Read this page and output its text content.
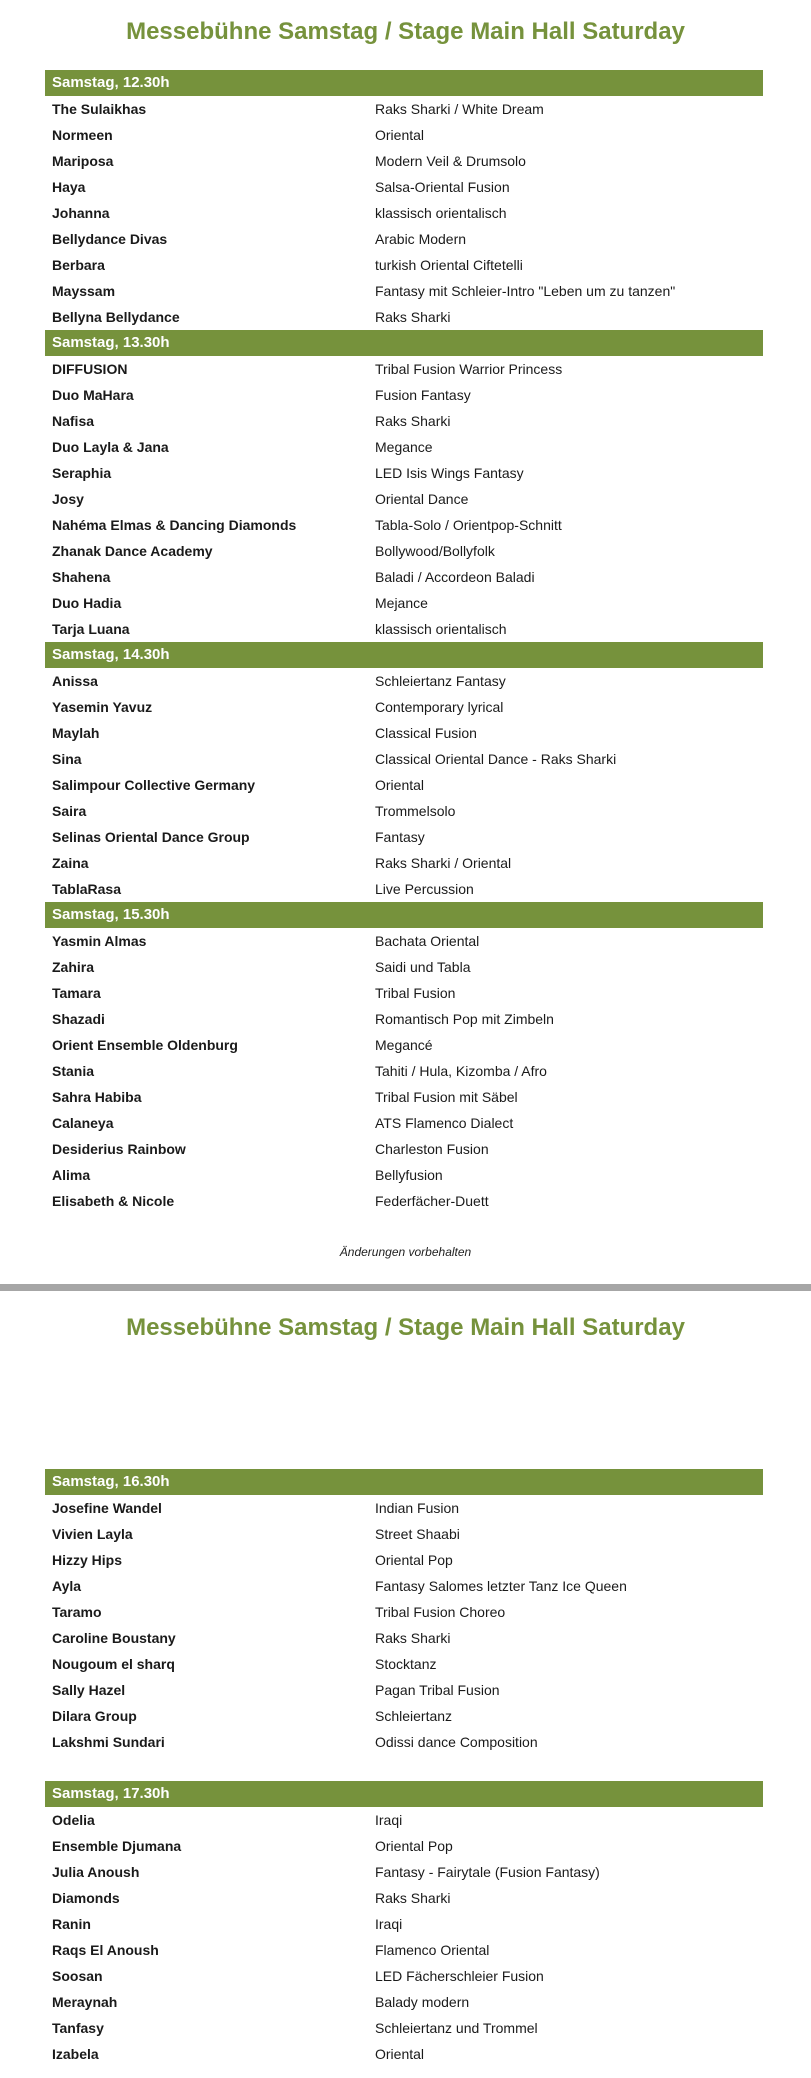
Messebühne Samstag / Stage Main Hall Saturday
Samstag, 12.30h
The Sulaikhas	Raks Sharki / White Dream
Normeen	Oriental
Mariposa	Modern Veil & Drumsolo
Haya	Salsa-Oriental Fusion
Johanna	klassisch orientalisch
Bellydance Divas	Arabic Modern
Berbara	turkish Oriental Ciftetelli
Mayssam	Fantasy mit Schleier-Intro "Leben um zu tanzen"
Bellyna Bellydance	Raks Sharki
Samstag, 13.30h
DIFFUSION	Tribal Fusion Warrior Princess
Duo MaHara	Fusion Fantasy
Nafisa	Raks Sharki
Duo Layla & Jana	Megance
Seraphia	LED Isis Wings Fantasy
Josy	Oriental Dance
Nahéma Elmas & Dancing Diamonds	Tabla-Solo / Orientpop-Schnitt
Zhanak Dance Academy	Bollywood/Bollyfolk
Shahena	Baladi / Accordeon Baladi
Duo Hadia	Mejance
Tarja Luana	klassisch orientalisch
Samstag, 14.30h
Anissa	Schleiertanz Fantasy
Yasemin Yavuz	Contemporary lyrical
Maylah	Classical Fusion
Sina	Classical Oriental Dance - Raks Sharki
Salimpour Collective Germany	Oriental
Saira	Trommelsolo
Selinas Oriental Dance Group	Fantasy
Zaina	Raks Sharki / Oriental
TablaRasa	Live Percussion
Samstag, 15.30h
Yasmin Almas	Bachata Oriental
Zahira	Saidi und Tabla
Tamara	Tribal Fusion
Shazadi	Romantisch Pop mit Zimbeln
Orient Ensemble Oldenburg	Megancé
Stania	Tahiti / Hula, Kizomba / Afro
Sahra Habiba	Tribal Fusion mit Säbel
Calaneya	ATS Flamenco Dialect
Desiderius Rainbow	Charleston Fusion
Alima	Bellyfusion
Elisabeth & Nicole	Federfächer-Duett
Änderungen vorbehalten
Messebühne Samstag / Stage Main Hall Saturday
Samstag, 16.30h
Josefine Wandel	Indian Fusion
Vivien Layla	Street Shaabi
Hizzy Hips	Oriental Pop
Ayla	Fantasy Salomes letzter Tanz Ice Queen
Taramo	Tribal Fusion Choreo
Caroline Boustany	Raks Sharki
Nougoum el sharq	Stocktanz
Sally Hazel	Pagan Tribal Fusion
Dilara Group	Schleiertanz
Lakshmi Sundari	Odissi dance Composition
Samstag, 17.30h
Odelia	Iraqi
Ensemble Djumana	Oriental Pop
Julia Anoush	Fantasy - Fairytale (Fusion Fantasy)
Diamonds	Raks Sharki
Ranin	Iraqi
Raqs El Anoush	Flamenco Oriental
Soosan	LED Fächerschleier Fusion
Meraynah	Balady modern
Tanfasy	Schleiertanz und Trommel
Izabela	Oriental
